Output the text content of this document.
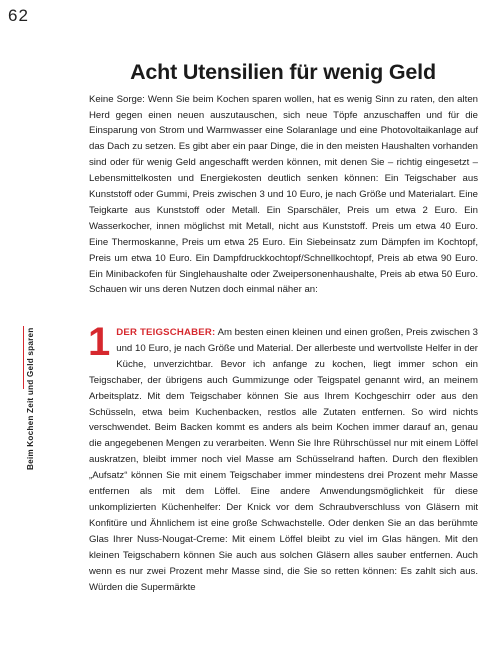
62
Beim Kochen Zeit und Geld sparen
Acht Utensilien für wenig Geld

Keine Sorge: Wenn Sie beim Kochen sparen wollen, hat es wenig Sinn zu raten, den alten Herd gegen einen neuen auszutauschen, sich neue Töpfe anzuschaffen und für die Einsparung von Strom und Warmwasser eine Solaranlage und eine Photovoltaikanlage auf das Dach zu setzen. Es gibt aber ein paar Dinge, die in den meisten Haushalten vorhanden sind oder für wenig Geld angeschafft werden können, mit denen Sie – richtig eingesetzt – Lebensmittelkosten und Energiekosten deutlich senken können: Ein Teigschaber aus Kunststoff oder Gummi, Preis zwischen 3 und 10 Euro, je nach Größe und Materialart. Eine Teigkarte aus Kunststoff oder Metall. Ein Sparschäler, Preis um etwa 2 Euro. Ein Wasserkocher, innen möglichst mit Metall, nicht aus Kunststoff. Preis um etwa 40 Euro. Eine Thermoskanne, Preis um etwa 25 Euro. Ein Siebeinsatz zum Dämpfen im Kochtopf, Preis um etwa 10 Euro. Ein Dampfdruckkochtopf/Schnellkochtopf, Preis ab etwa 90 Euro. Ein Minibackofen für Singlehaushalte oder Zweipersonenhaushalte, Preis ab etwa 50 Euro. Schauen wir uns deren Nutzen doch einmal näher an:

1 DER TEIGSCHABER: Am besten einen kleinen und einen großen, Preis zwischen 3 und 10 Euro, je nach Größe und Material. Der allerbeste und wertvollste Helfer in der Küche, unverzichtbar. Bevor ich anfange zu kochen, liegt immer schon ein Teigschaber, der übrigens auch Gummizunge oder Teigspatel genannt wird, an meinem Arbeitsplatz. Mit dem Teigschaber können Sie aus Ihrem Kochgeschirr oder aus den Schüsseln, etwa beim Kuchenbacken, restlos alle Zutaten entfernen. So wird nichts verschwendet. Beim Backen kommt es anders als beim Kochen immer darauf an, genau die angegebenen Mengen zu verarbeiten. Wenn Sie Ihre Rührschüssel nur mit einem Löffel auskratzen, bleibt immer noch viel Masse am Schüsselrand haften. Durch den flexiblen „Aufsatz“ können Sie mit einem Teigschaber immer mindestens drei Prozent mehr Masse entfernen als mit dem Löffel. Eine andere Anwendungsmöglichkeit für diese unkomplizierten Küchenhelfer: Der Knick vor dem Schraubverschluss von Gläsern mit Konfitüre und Ähnlichem ist eine große Schwachstelle. Oder denken Sie an das berühmte Glas Ihrer Nuss-Nougat-Creme: Mit einem Löffel bleibt zu viel im Glas hängen. Mit den kleinen Teigschabern können Sie auch aus solchen Gläsern alles sauber entfernen. Auch wenn es nur zwei Prozent mehr Masse sind, die Sie so retten können: Es zahlt sich aus. Würden die Supermärkte
